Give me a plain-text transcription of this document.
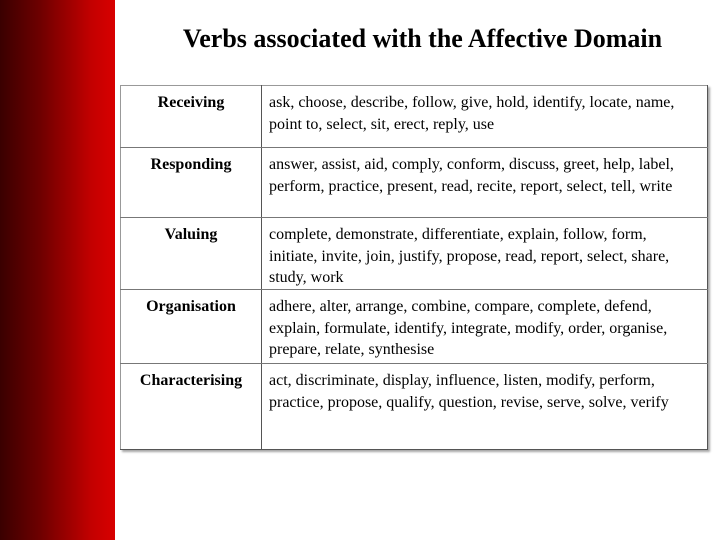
Verbs associated with the Affective Domain
Receiving	ask, choose, describe, follow, give, hold, identify, locate, name, point to, select, sit, erect, reply, use
Responding	answer, assist, aid, comply, conform, discuss, greet, help, label, perform, practice, present, read, recite, report, select, tell, write
Valuing	complete, demonstrate, differentiate, explain, follow, form, initiate, invite, join, justify, propose, read, report, select, share, study, work
Organisation	adhere, alter, arrange, combine, compare, complete, defend, explain, formulate, identify, integrate, modify, order, organise, prepare, relate, synthesise
Characterising	act, discriminate, display, influence, listen, modify, perform, practice, propose, qualify, question, revise, serve, solve, verify
